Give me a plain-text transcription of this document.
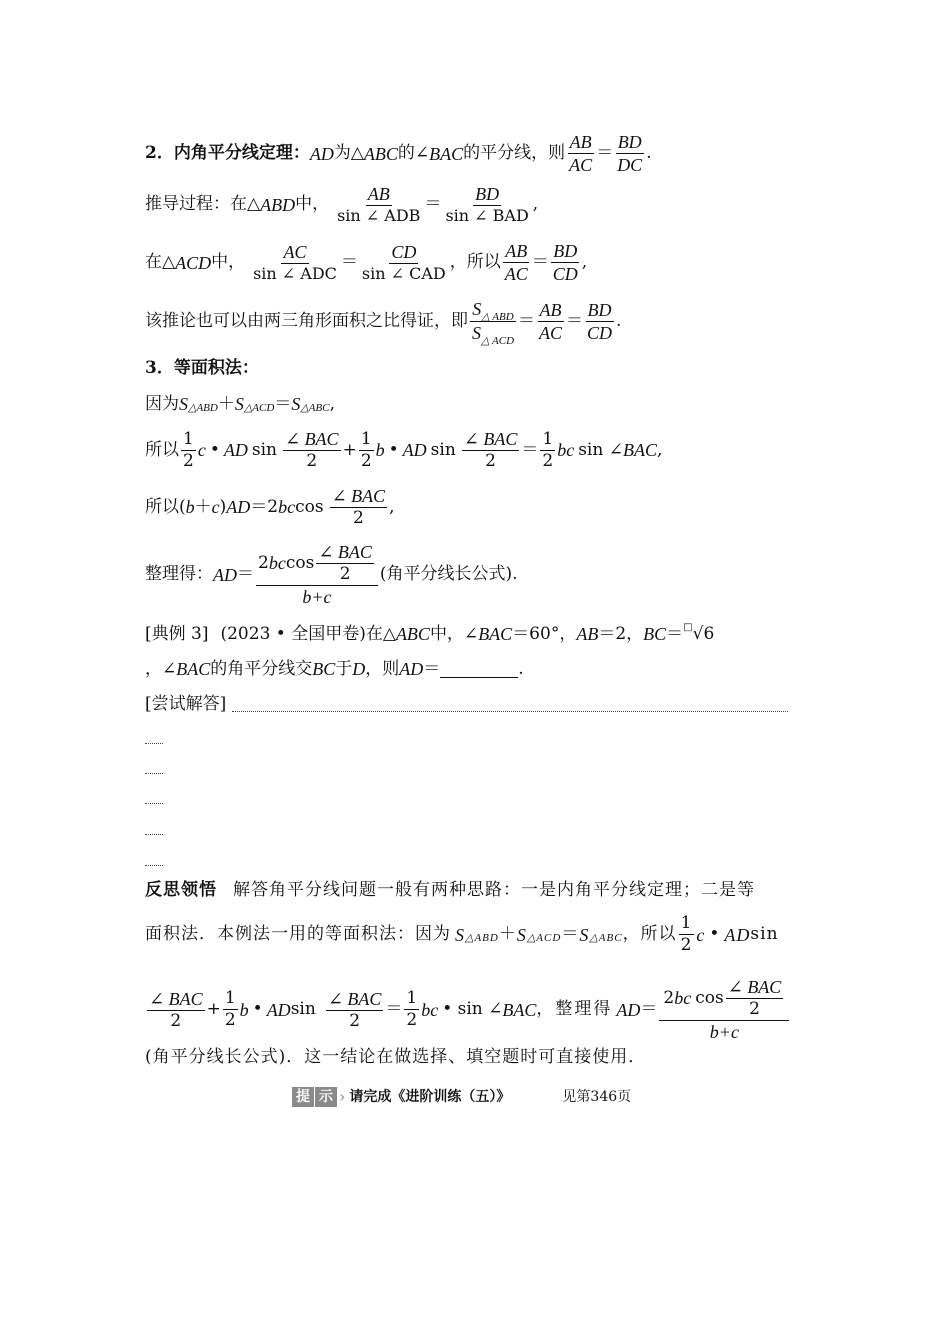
2．内角平分线定理： AD 为△ ABC 的∠ BAC 的平分线，则 $\frac{AB}{AC} = \frac{BD}{DC}$ .
推导过程：在△ ABD 中， $\frac{AB}{\text{sin ∠ ADB}} = \frac{BD}{\text{sin ∠ BAD}}$ ,
在△ ACD 中， $\frac{AC}{\text{sin ∠ ADC}} = \frac{CD}{\text{sin ∠ CAD}}$ ，所以 $\frac{AB}{AC} = \frac{BD}{CD}$ ,
该推论也可以由两三角形面积之比得证，即 $\frac{S_{\triangle ABD}}{S_{\triangle ACD}} = \frac{AB}{AC} = \frac{BD}{CD}$ .
3．等面积法：
因为 S △ABD ＋ S △ACD ＝ S △ABC ,
所以 $\frac{1}{2}$ c • AD $\sin \frac{\text{∠ BAC}}{2} + \frac{1}{2}$ b • AD $\sin \frac{\text{∠ BAC}}{2} = \frac{1}{2}$ bc sin ∠ BAC ,
所以( b ＋ c ) AD ＝2 bc $\cos \frac{\text{∠ BAC}}{2}$ ,
整理得： AD ＝ $\frac{2 bc \cos \frac{\text{∠ BAC}}{2}}{b+c}$ (角平分线长公式).
[典例 3] (2023 • 全国甲卷) 在△ ABC 中，∠ BAC ＝60°， AB ＝2， BC ＝ □ √ 6
，∠ BAC 的角平分线交 BC 于 D ，则 AD ＝	.
[尝试解答]
反思领悟 解答角平分线问题一般有两种思路：一是内角平分线定理；二是等
面积法．本例法一用的等面积法：因为 S △ABD ＋ S △ACD ＝ S △ABC ，所以 $\frac{1}{2}$ c • AD sin
$\frac{\text{∠ BAC}}{2} + \frac{1}{2}$ b • AD $\sin \frac{\text{∠ BAC}}{2} = \frac{1}{2}$ bc • sin ∠ BAC ，整理得 AD ＝ $\frac{2 bc \cos \frac{\text{∠ BAC}}{2}}{b+c}$
(角平分线长公式)．这一结论在做选择、填空题时可直接使用．
提 示 › 请完成《进阶训练（五）》	见第346页
